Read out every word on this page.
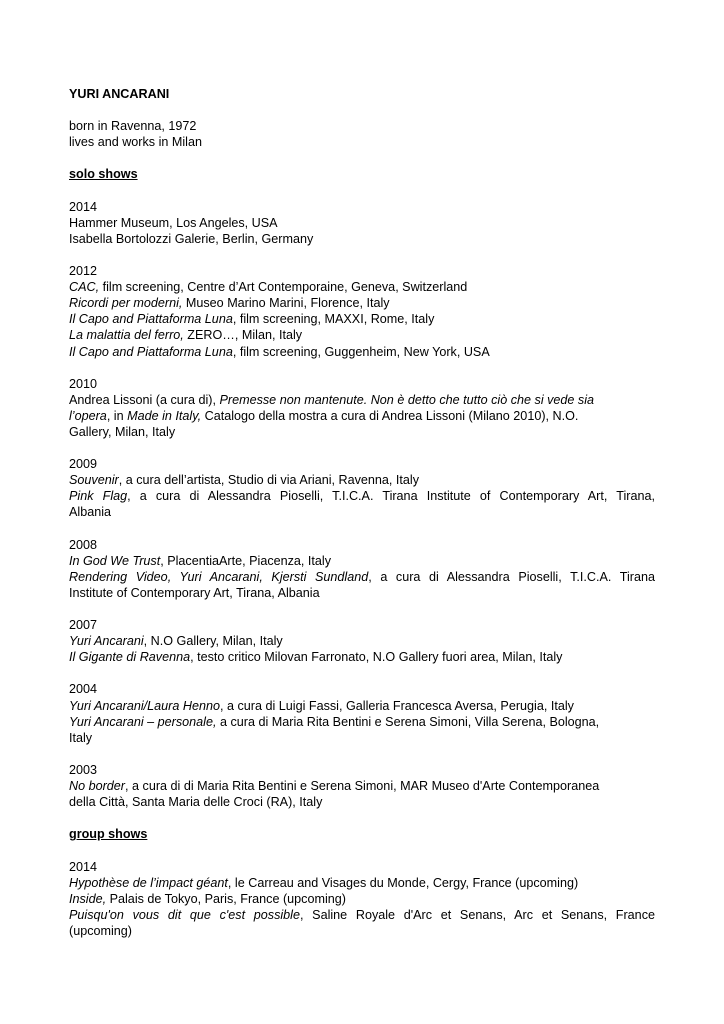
YURI ANCARANI
born in Ravenna, 1972
lives and works in Milan
solo shows
2014
Hammer Museum, Los Angeles, USA
Isabella Bortolozzi Galerie, Berlin, Germany
2012
CAC, film screening, Centre d’Art Contemporaine, Geneva, Switzerland
Ricordi per moderni, Museo Marino Marini, Florence, Italy
Il Capo and Piattaforma Luna, film screening, MAXXI, Rome, Italy
La malattia del ferro, ZERO…, Milan, Italy
Il Capo and Piattaforma Luna, film screening, Guggenheim, New York, USA
2010
Andrea Lissoni (a cura di), Premesse non mantenute. Non è detto che tutto ciò che si vede sia
l’opera, in Made in Italy, Catalogo della mostra a cura di Andrea Lissoni (Milano 2010), N.O.
Gallery, Milan, Italy
2009
Souvenir, a cura dell’artista, Studio di via Ariani, Ravenna, Italy
Pink Flag, a cura di Alessandra Pioselli, T.I.C.A. Tirana Institute of Contemporary Art, Tirana,
Albania
2008
In God We Trust, PlacentiaArte, Piacenza, Italy
Rendering Video, Yuri Ancarani, Kjersti Sundland, a cura di Alessandra Pioselli, T.I.C.A. Tirana
Institute of Contemporary Art, Tirana, Albania
2007
Yuri Ancarani, N.O Gallery, Milan, Italy
Il Gigante di Ravenna, testo critico Milovan Farronato, N.O Gallery fuori area, Milan, Italy
2004
Yuri Ancarani/Laura Henno, a cura di Luigi Fassi, Galleria Francesca Aversa, Perugia, Italy
Yuri Ancarani – personale, a cura di Maria Rita Bentini e Serena Simoni, Villa Serena, Bologna,
Italy
2003
No border, a cura di di Maria Rita Bentini e Serena Simoni, MAR Museo d'Arte Contemporanea
della Città, Santa Maria delle Croci (RA), Italy
group shows
2014
Hypothèse de l’impact géant, le Carreau and Visages du Monde, Cergy, France (upcoming)
Inside, Palais de Tokyo, Paris, France (upcoming)
Puisqu'on vous dit que c'est possible, Saline Royale d'Arc et Senans, Arc et Senans, France
(upcoming)
